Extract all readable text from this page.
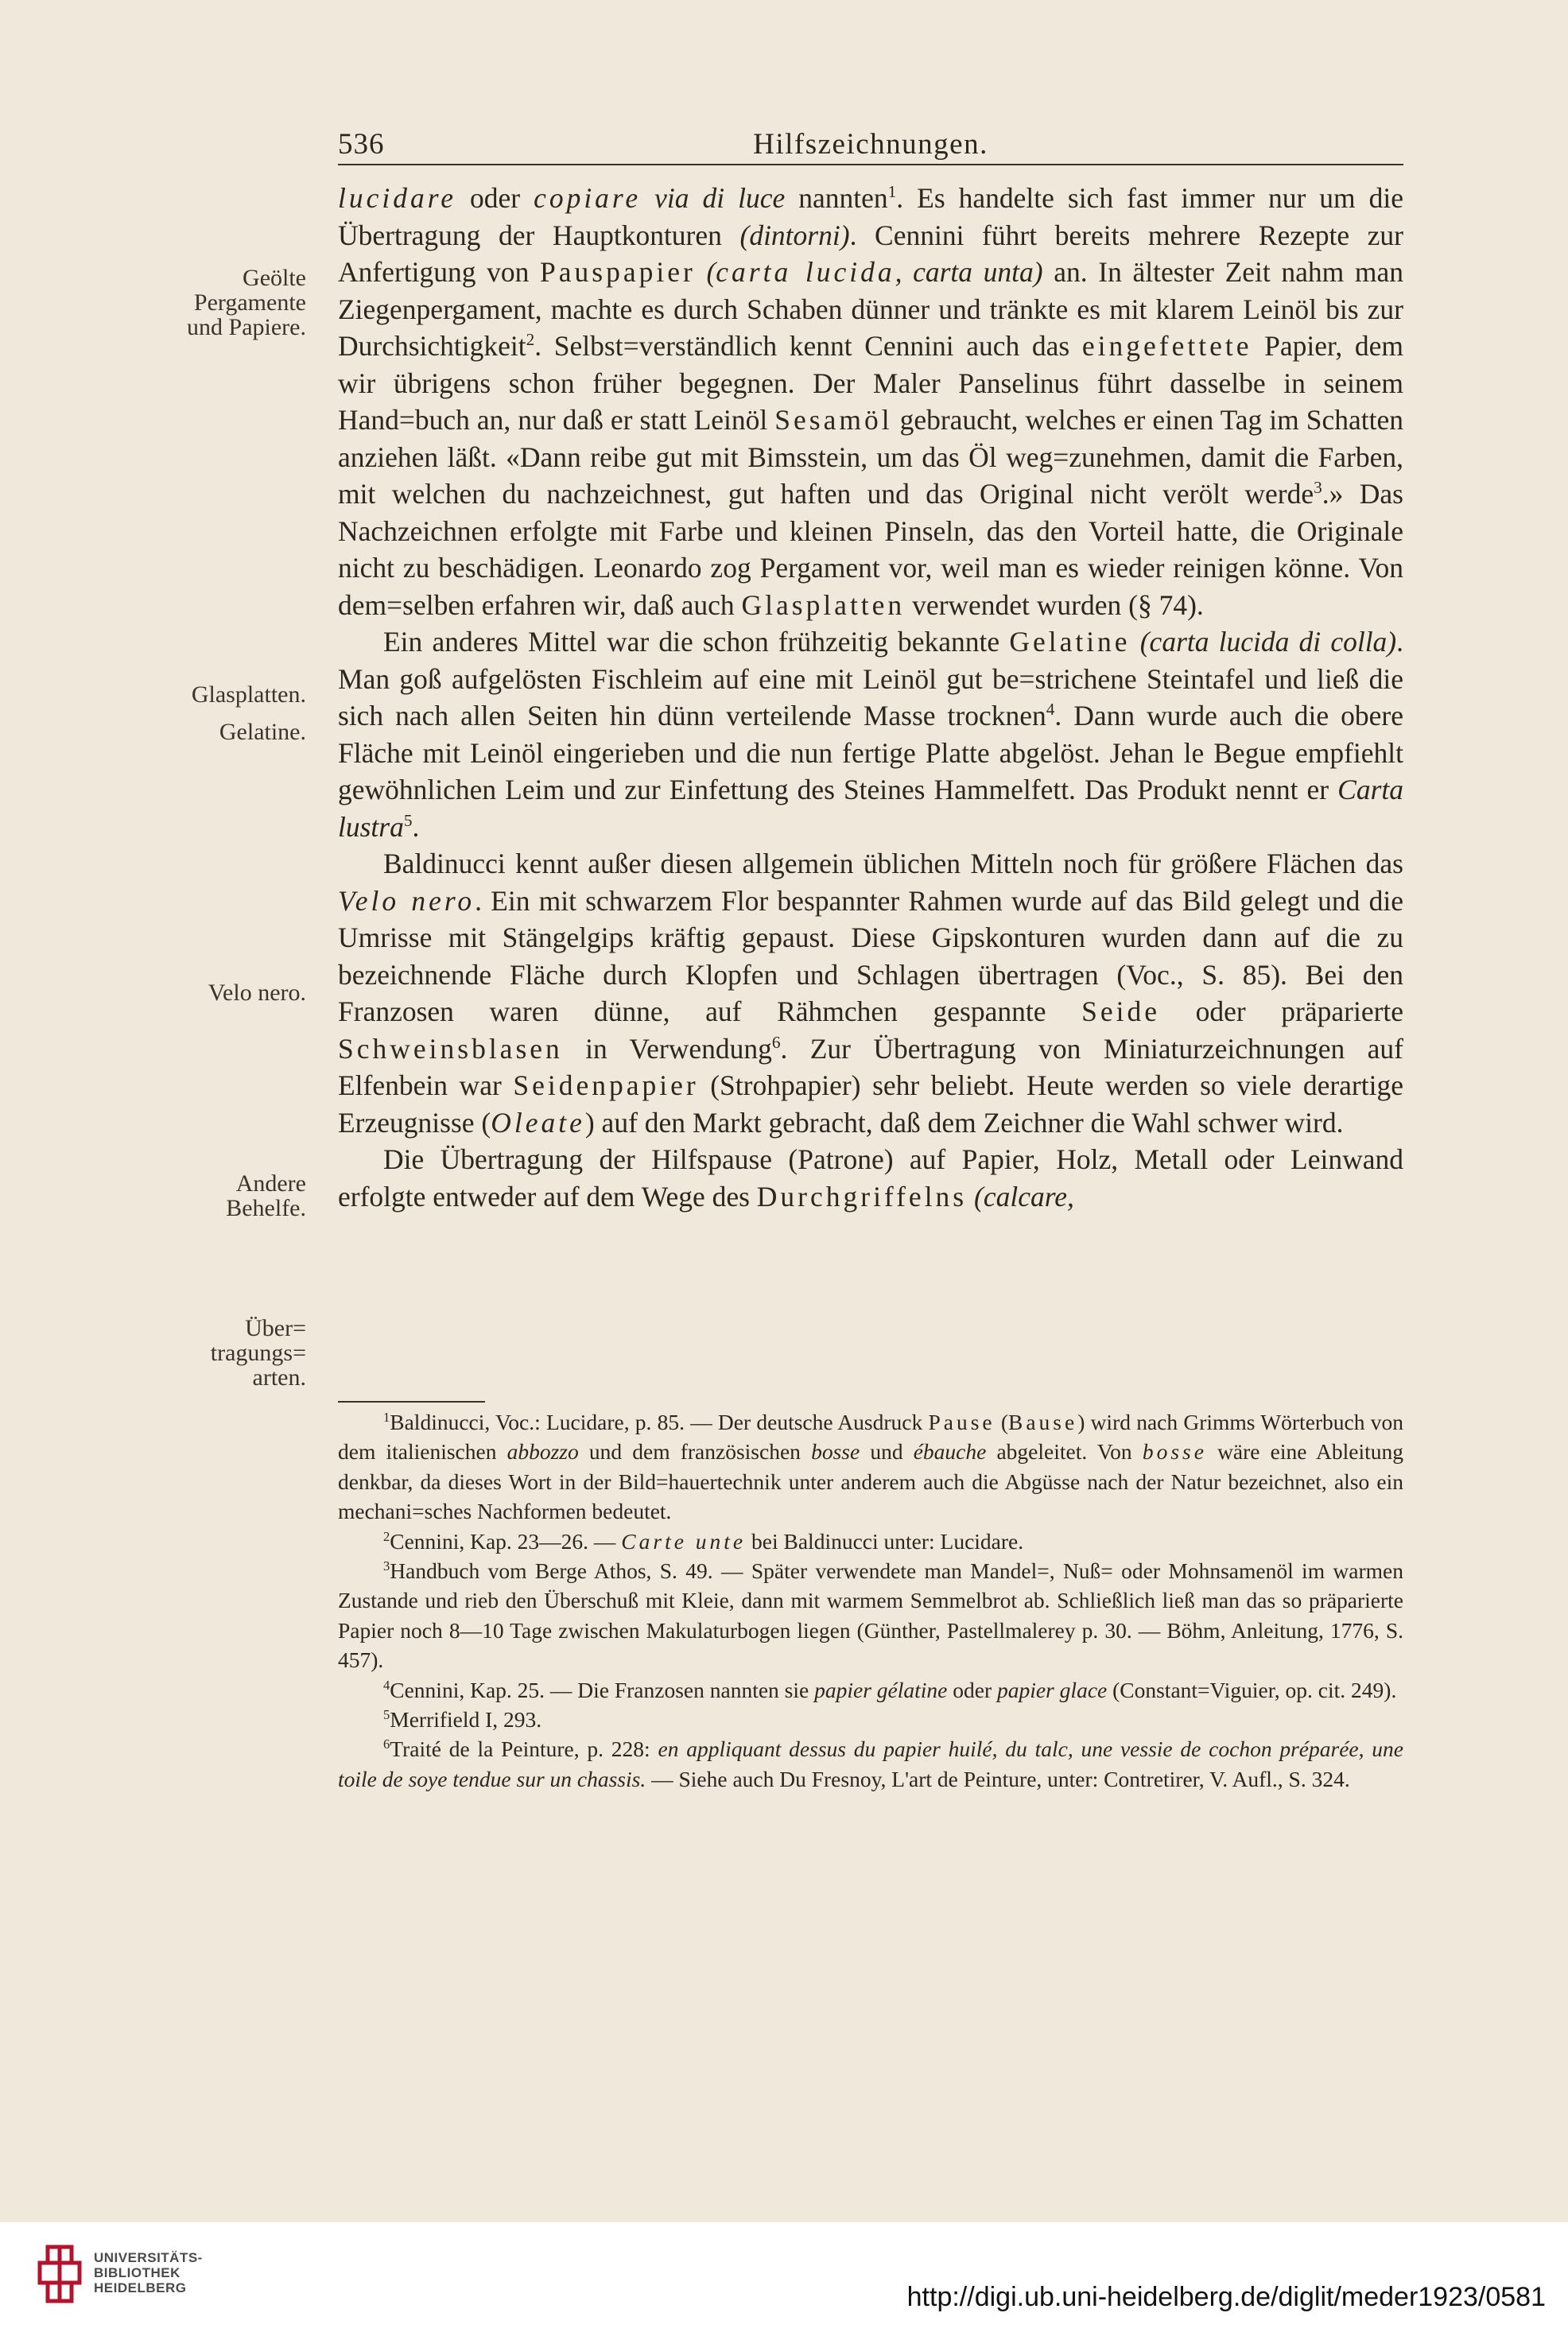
536	Hilfszeichnungen.
Geölte
Pergamente
und Papiere.
Glasplatten.
Gelatine.
Velo nero.
Andere
Behelfe.
Über=
tragungs=
arten.

lucidare oder copiare via di luce nannten$^1$. Es handelte sich fast immer nur um die Übertragung der Hauptkonturen (dintorni). Cennini führt bereits mehrere Rezepte zur Anfertigung von Pauspapier (carta lucida, carta unta) an. In ältester Zeit nahm man Ziegenpergament, machte es durch Schaben dünner und tränkte es mit klarem Leinöl bis zur Durchsichtigkeit$^2$. Selbst=verständlich kennt Cennini auch das eingefettete Papier, dem wir übrigens schon früher begegnen. Der Maler Panselinus führt dasselbe in seinem Hand=buch an, nur daß er statt Leinöl Sesamöl gebraucht, welches er einen Tag im Schatten anziehen läßt. «Dann reibe gut mit Bimsstein, um das Öl weg=zunehmen, damit die Farben, mit welchen du nachzeichnest, gut haften und das Original nicht verölt werde$^3$.» Das Nachzeichnen erfolgte mit Farbe und kleinen Pinseln, das den Vorteil hatte, die Originale nicht zu beschädigen. Leonardo zog Pergament vor, weil man es wieder reinigen könne. Von dem=selben erfahren wir, daß auch Glasplatten verwendet wurden (§ 74).

Ein anderes Mittel war die schon frühzeitig bekannte Gelatine (carta lucida di colla). Man goß aufgelösten Fischleim auf eine mit Leinöl gut be=strichene Steintafel und ließ die sich nach allen Seiten hin dünn verteilende Masse trocknen$^4$. Dann wurde auch die obere Fläche mit Leinöl eingerieben und die nun fertige Platte abgelöst. Jehan le Begue empfiehlt gewöhnlichen Leim und zur Einfettung des Steines Hammelfett. Das Produkt nennt er Carta lustra$^5$.

Baldinucci kennt außer diesen allgemein üblichen Mitteln noch für größere Flächen das Velo nero. Ein mit schwarzem Flor bespannter Rahmen wurde auf das Bild gelegt und die Umrisse mit Stängelgips kräftig gepaust. Diese Gipskonturen wurden dann auf die zu bezeichnende Fläche durch Klopfen und Schlagen übertragen (Voc., S. 85). Bei den Franzosen waren dünne, auf Rähmchen gespannte Seide oder präparierte Schweinsblasen in Verwendung$^6$. Zur Übertragung von Miniaturzeichnungen auf Elfenbein war Seidenpapier (Strohpapier) sehr beliebt. Heute werden so viele derartige Erzeugnisse (Oleate) auf den Markt gebracht, daß dem Zeichner die Wahl schwer wird.

Die Übertragung der Hilfspause (Patrone) auf Papier, Holz, Metall oder Leinwand erfolgte entweder auf dem Wege des Durchgriffelns (calcare,

$^1$Baldinucci, Voc.: Lucidare, p. 85. — Der deutsche Ausdruck Pause (Bause) wird nach Grimms Wörterbuch von dem italienischen abbozzo und dem französischen bosse und ébauche abgeleitet. Von bosse wäre eine Ableitung denkbar, da dieses Wort in der Bild=hauertechnik unter anderem auch die Abgüsse nach der Natur bezeichnet, also ein mechani=sches Nachformen bedeutet.

$^2$Cennini, Kap. 23—26. — Carte unte bei Baldinucci unter: Lucidare.

$^3$Handbuch vom Berge Athos, S. 49. — Später verwendete man Mandel=, Nuß= oder Mohnsamenöl im warmen Zustande und rieb den Überschuß mit Kleie, dann mit warmem Semmelbrot ab. Schließlich ließ man das so präparierte Papier noch 8—10 Tage zwischen Makulaturbogen liegen (Günther, Pastellmalerey p. 30. — Böhm, Anleitung, 1776, S. 457).

$^4$Cennini, Kap. 25. — Die Franzosen nannten sie papier gélatine oder papier glace (Constant=Viguier, op. cit. 249).

$^5$Merrifield I, 293.

$^6$Traité de la Peinture, p. 228: en appliquant dessus du papier huilé, du talc, une vessie de cochon préparée, une toile de soye tendue sur un chassis. — Siehe auch Du Fresnoy, L'art de Peinture, unter: Contretirer, V. Aufl., S. 324.

UNIVERSITÄTS-
BIBLIOTHEK
HEIDELBERG	http://digi.ub.uni-heidelberg.de/diglit/meder1923/0581
